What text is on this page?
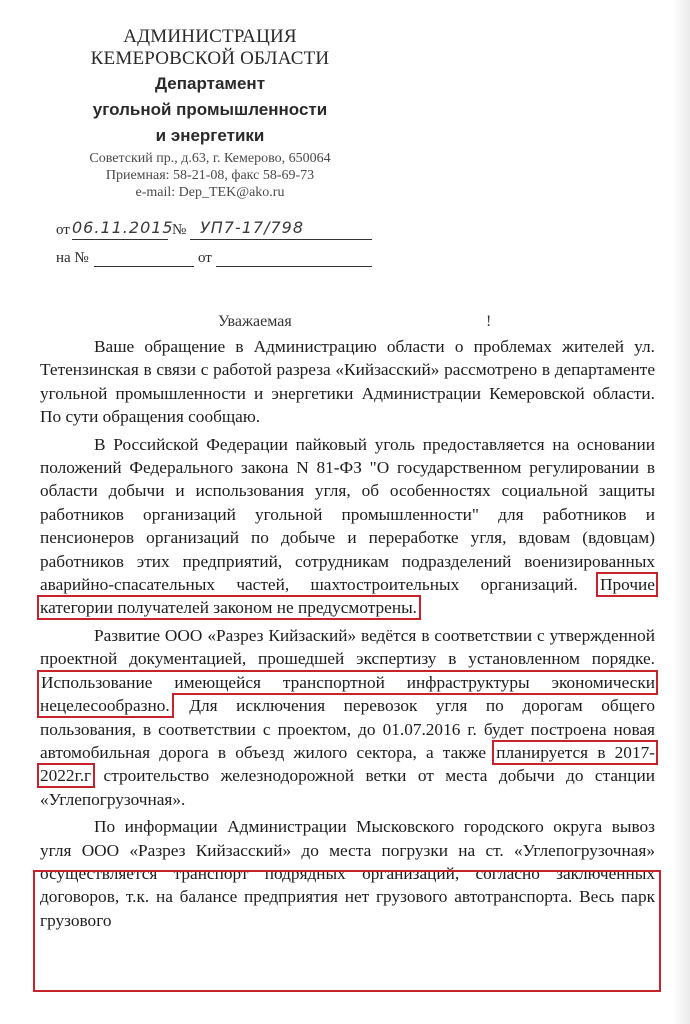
АДМИНИСТРАЦИЯ
КЕМЕРОВСКОЙ ОБЛАСТИ
Департамент
угольной промышленности
и энергетики
Советский пр., д.63, г. Кемерово, 650064
Приемная: 58-21-08, факс 58-69-73
e-mail: Dep_TEK@ako.ru
от 06.11.2015
№ УП7-17/798
на №	от
Уважаемая	!

Ваше обращение в Администрацию области о проблемах жителей ул. Тетензинская в связи с работой разреза «Кийзасский» рассмотрено в департаменте угольной промышленности и энергетики Администрации Кемеровской области. По сути обращения сообщаю.

В Российской Федерации пайковый уголь предоставляется на основании положений Федерального закона N 81-ФЗ "О государственном регулировании в области добычи и использования угля, об особенностях социальной защиты работников организаций угольной промышленности" для работников и пенсионеров организаций по добыче и переработке угля, вдовам (вдовцам) работников этих предприятий, сотрудникам подразделений военизированных аварийно-спасательных частей, шахтостроительных организаций. Прочие категории получателей законом не предусмотрены.

Развитие ООО «Разрез Кийзаский» ведётся в соответствии с утвержденной проектной документацией, прошедшей экспертизу в установленном порядке. Использование имеющейся транспортной инфраструктуры экономически нецелесообразно. Для исключения перевозок угля по дорогам общего пользования, в соответствии с проектом, до 01.07.2016 г. будет построена новая автомобильная дорога в объезд жилого сектора, а также планируется в 2017-2022г.г строительство железнодорожной ветки от места добычи до станции «Углепогрузочная».

По информации Администрации Мысковского городского округа вывоз угля ООО «Разрез Кийзасский» до места погрузки на ст. «Углепогрузочная» осуществляется транспорт подрядных организаций, согласно заключенных договоров, т.к. на балансе предприятия нет грузового автотранспорта. Весь парк грузового
